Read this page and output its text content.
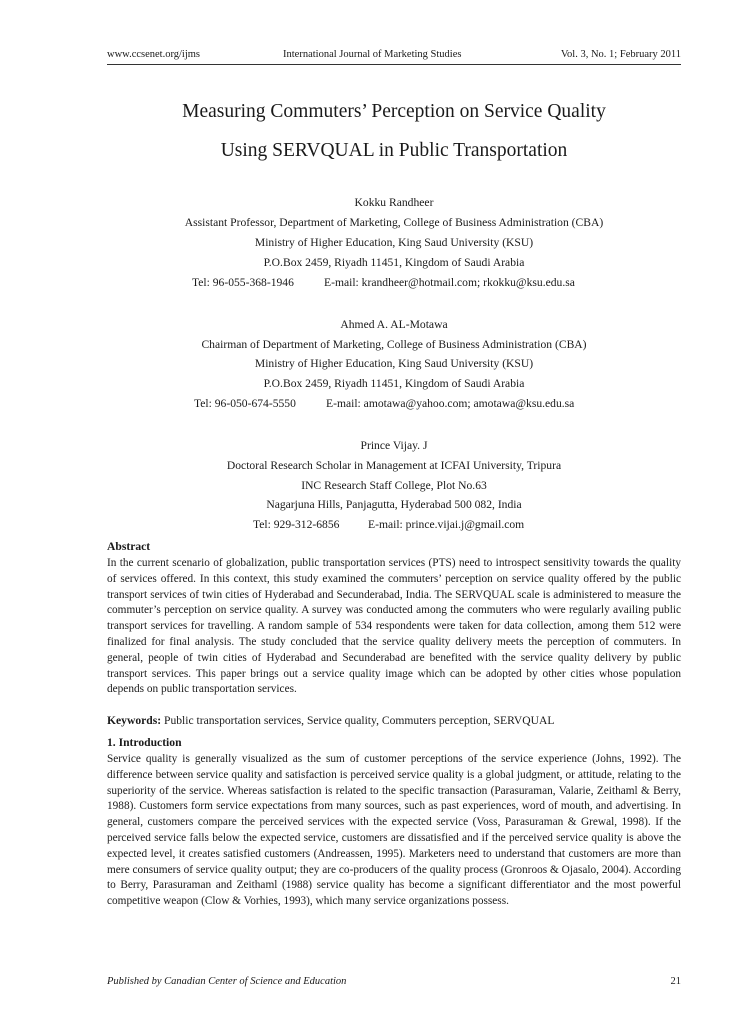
www.ccsenet.org/ijms	International Journal of Marketing Studies	Vol. 3, No. 1; February 2011
Measuring Commuters’ Perception on Service Quality
Using SERVQUAL in Public Transportation
Kokku Randheer
Assistant Professor, Department of Marketing, College of Business Administration (CBA)
Ministry of Higher Education, King Saud University (KSU)
P.O.Box 2459, Riyadh 11451, Kingdom of Saudi Arabia
Tel: 96-055-368-1946	E-mail: krandheer@hotmail.com; rkokku@ksu.edu.sa
Ahmed A. AL-Motawa
Chairman of Department of Marketing, College of Business Administration (CBA)
Ministry of Higher Education, King Saud University (KSU)
P.O.Box 2459, Riyadh 11451, Kingdom of Saudi Arabia
Tel: 96-050-674-5550	E-mail: amotawa@yahoo.com; amotawa@ksu.edu.sa
Prince Vijay. J
Doctoral Research Scholar in Management at ICFAI University, Tripura
INC Research Staff College, Plot No.63
Nagarjuna Hills, Panjagutta, Hyderabad 500 082, India
Tel: 929-312-6856 E-mail: prince.vijai.j@gmail.com
Abstract
In the current scenario of globalization, public transportation services (PTS) need to introspect sensitivity towards the quality of services offered. In this context, this study examined the commuters’ perception on service quality offered by the public transport services of twin cities of Hyderabad and Secunderabad, India. The SERVQUAL scale is administered to measure the commuter’s perception on service quality. A survey was conducted among the commuters who were regularly availing public transport services for travelling. A random sample of 534 respondents were taken for data collection, among them 512 were finalized for final analysis. The study concluded that the service quality delivery meets the perception of commuters. In general, people of twin cities of Hyderabad and Secunderabad are benefited with the service quality delivery by public transport services. This paper brings out a service quality image which can be adopted by other cities whose population depends on public transportation services.
Keywords: Public transportation services, Service quality, Commuters perception, SERVQUAL
1. Introduction
Service quality is generally visualized as the sum of customer perceptions of the service experience (Johns, 1992). The difference between service quality and satisfaction is perceived service quality is a global judgment, or attitude, relating to the superiority of the service. Whereas satisfaction is related to the specific transaction (Parasuraman, Valarie, Zeithaml & Berry, 1988). Customers form service expectations from many sources, such as past experiences, word of mouth, and advertising. In general, customers compare the perceived services with the expected service (Voss, Parasuraman & Grewal, 1998). If the perceived service falls below the expected service, customers are dissatisfied and if the perceived service quality is above the expected level, it creates satisfied customers (Andreassen, 1995). Marketers need to understand that customers are more than mere consumers of service quality output; they are co-producers of the quality process (Gronroos & Ojasalo, 2004). According to Berry, Parasuraman and Zeithaml (1988) service quality has become a significant differentiator and the most powerful competitive weapon (Clow & Vorhies, 1993), which many service organizations possess.
Published by Canadian Center of Science and Education	21
